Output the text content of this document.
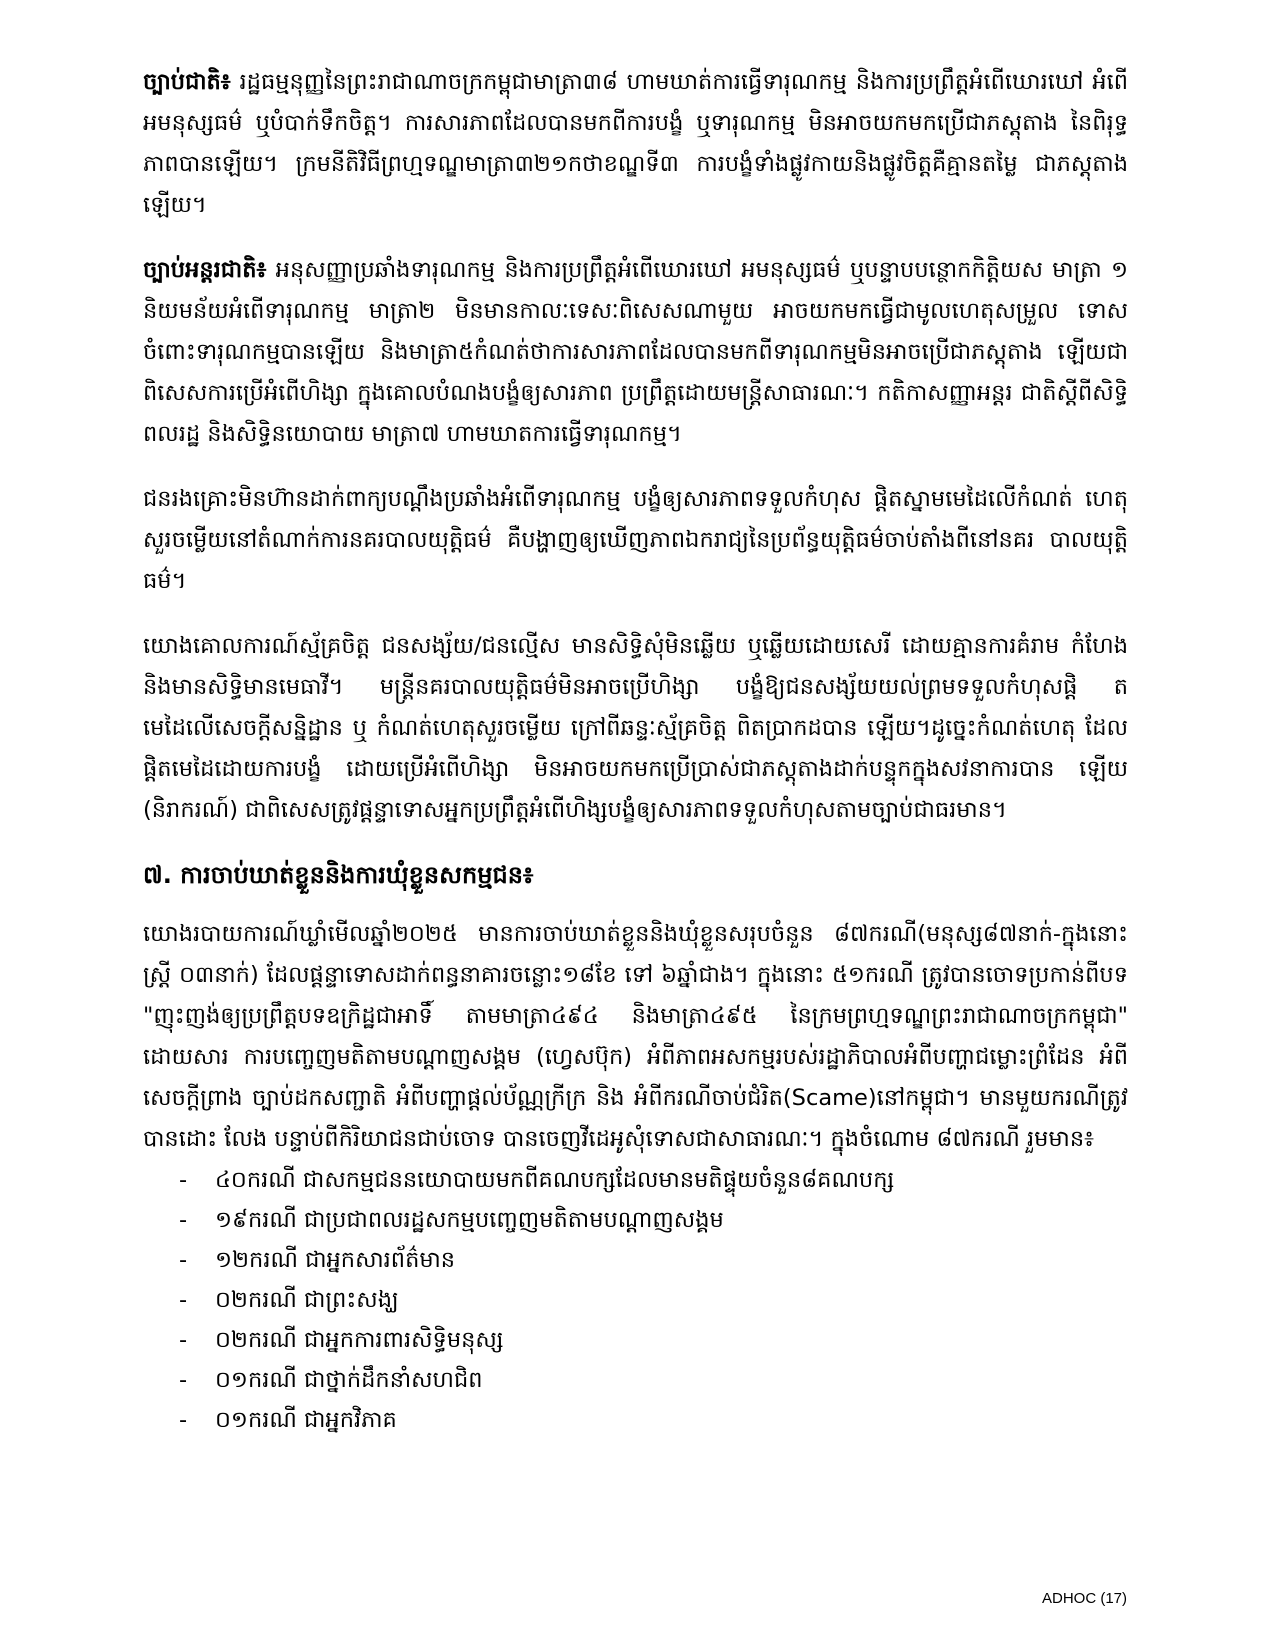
ច្បាប់ជាតិ៖ រដ្ឋធម្មនុញ្ញនៃព្រះរាជាណាចក្រកម្ពុជាមាត្រា៣៨ ហាមឃាត់ការធ្វើទារុណកម្ម និងការប្រព្រឹត្តអំពើឃោរឃៅ អំពើ អមនុស្សធម៌ ឬបំបាក់ទឹកចិត្ត។ ការសារភាពដែលបានមកពីការបង្ខំ ឬទារុណកម្ម មិនអាចយកមកប្រើជាភស្តុតាង នៃពិរុទ្ធភាពបានឡើយ។ ក្រមនីតិវិធីព្រហ្មទណ្ឌមាត្រា៣២១កថាខណ្ឌទី៣ ការបង្ខំទាំងផ្លូវកាយនិងផ្លូវចិត្តគឺគ្មានតម្លៃ ជាភស្តុតាង ឡើយ។

ច្បាប់អន្តរជាតិ៖ អនុសញ្ញាប្រឆាំងទារុណកម្ម និងការប្រព្រឹត្តអំពើឃោរឃៅ អមនុស្សធម៌ ឬបន្ទាបបន្ថោកកិត្តិយស មាត្រា ១ និយមន័យអំពើទារុណកម្ម មាត្រា២ មិនមានកាលៈទេសៈពិសេសណាមួយ អាចយកមកធ្វើជាមូលហេតុសម្រួល ទោសចំពោះទារុណកម្មបានឡើយ និងមាត្រា៥កំណត់ថាការសារភាពដែលបានមកពីទារុណកម្មមិនអាចប្រើជាភស្តុតាង ឡើយជាពិសេសការប្រើអំពើហិង្សា ក្នុងគោលបំណងបង្ខំឲ្យសារភាព ប្រព្រឹត្តដោយមន្ត្រីសាធារណៈ។ កតិកាសញ្ញាអន្តរ ជាតិស្តីពីសិទ្ធិពលរដ្ឋ និងសិទ្ធិនយោបាយ មាត្រា៧ ហាមឃាតការធ្វើទារុណកម្ម។

ជនរងគ្រោះមិនហ៊ានដាក់ពាក្យបណ្តឹងប្រឆាំងអំពើទារុណកម្ម បង្ខំឲ្យសារភាពទទួលកំហុស ផ្តិតស្នាមមេដៃលើកំណត់ ហេតុសួរចម្លើយនៅតំណាក់ការនគរបាលយុត្តិធម៌ គឺបង្ហាញឲ្យឃើញភាពឯករាជ្យនៃប្រព័ន្ធយុត្តិធម៌ចាប់តាំងពីនៅនគរ បាលយុត្តិធម៌។

យោងគោលការណ៍ស្ម័គ្រចិត្ត ជនសង្ស័យ/ជនល្មើស មានសិទ្ធិសុំមិនឆ្លើយ ឬឆ្លើយដោយសេរី ដោយគ្មានការគំរាម កំហែង និងមានសិទ្ធិមានមេធាវី។ មន្ត្រីនគរបាលយុត្តិធម៌មិនអាចប្រើហិង្សា បង្ខំឱ្យជនសង្ស័យយល់ព្រមទទួលកំហុសផ្តិ តមេដៃលើសេចក្តីសន្និដ្ឋាន ឬ កំណត់ហេតុសួរចម្លើយ ក្រៅពីឆន្ទៈស្ម័គ្រចិត្ត ពិតប្រាកដបាន ឡើយ។ដូច្នេះកំណត់ហេតុ ដែលផ្តិតមេដៃដោយការបង្ខំ ដោយប្រើអំពើហិង្សា មិនអាចយកមកប្រើប្រាស់ជាភស្តុតាងដាក់បន្ទុកក្នុងសវនាការបាន ឡើយ (និរាករណ៍) ជាពិសេសត្រូវផ្តន្ទាទោសអ្នកប្រព្រឹត្តអំពើហិង្សបង្ខំឲ្យសារភាពទទួលកំហុសតាមច្បាប់ជាធរមាន។

៧. ការចាប់ឃាត់ខ្លួននិងការឃុំខ្លួនសកម្មជន៖

យោងរបាយការណ៍ឃ្លាំមើលឆ្នាំ២០២៥ មានការចាប់ឃាត់ខ្លួននិងឃុំខ្លួនសរុបចំនួន ៨៧ករណី(មនុស្ស៨៧នាក់-ក្នុងនោះ ស្ត្រី ០៣នាក់) ដែលផ្តន្ទាទោសដាក់ពន្ធនាគារចន្លោះ១៨ខែ ទៅ ៦ឆ្នាំជាង។ ក្នុងនោះ ៥១ករណី ត្រូវបានចោទប្រកាន់ពីបទ "ញុះញង់ឲ្យប្រព្រឹត្តបទឧក្រិដ្ឋជាអាទិ៍ តាមមាត្រា៤៩៤ និងមាត្រា៤៩៥ នៃក្រមព្រហ្មទណ្ឌព្រះរាជាណាចក្រកម្ពុជា" ដោយសារ ការបញ្ចេញមតិតាមបណ្តាញសង្គម (ហ្វេសប៊ុក) អំពីភាពអសកម្មរបស់រដ្ឋាភិបាលអំពីបញ្ហាជម្លោះព្រំដែន អំពីសេចក្តីព្រាង ច្បាប់ដកសញ្ជាតិ អំពីបញ្ហាផ្តល់ប័ណ្ណក្រីក្រ និង អំពីករណីចាប់ជំរិត(Scame)នៅកម្ពុជា។ មានមួយករណីត្រូវបានដោះ លែង បន្ទាប់ពីកិរិយាជនជាប់ចោទ បានចេញវីដេអូសុំទោសជាសាធារណៈ។ ក្នុងចំណោម ៨៧ករណី រួមមាន៖

- ៤០ករណី ជាសកម្មជននយោបាយមកពីគណបក្សដែលមានមតិផ្ទុយចំនួន៨គណបក្ស
- ១៩ករណី ជាប្រជាពលរដ្ឋសកម្មបញ្ចេញមតិតាមបណ្តាញសង្គម
- ១២ករណី ជាអ្នកសារព័ត៌មាន
- ០២ករណី ជាព្រះសង្ឃ
- ០២ករណី ជាអ្នកការពារសិទ្ធិមនុស្ស
- ០១ករណី ជាថ្នាក់ដឹកនាំសហជិព
- ០១ករណី ជាអ្នកវិភាគ
ADHOC (17)
